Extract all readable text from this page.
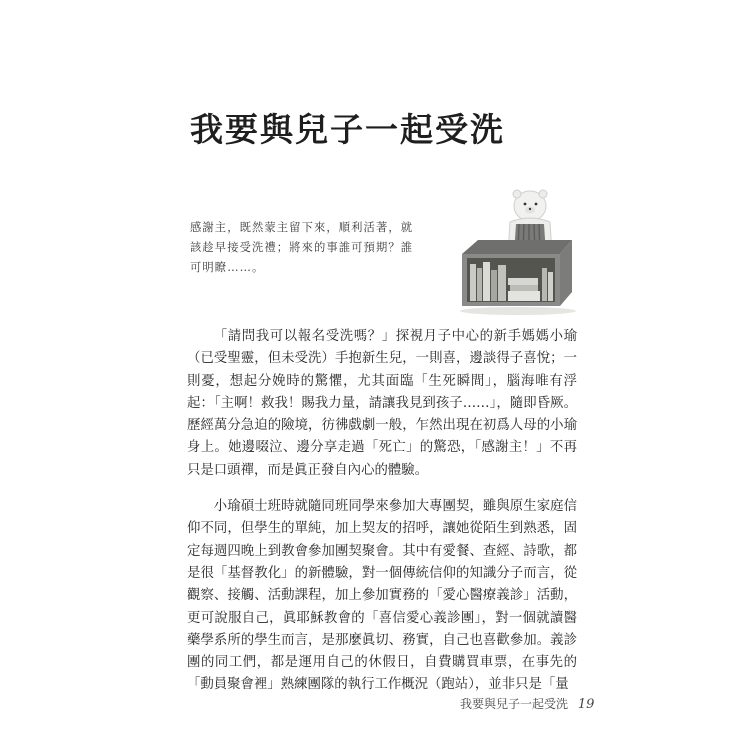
我要與兒子一起受洗
感謝主，既然蒙主留下來，順利活著，就該趁早接受洗禮；將來的事誰可預期？誰可明瞭……。

「請問我可以報名受洗嗎？」探視月子中心的新手媽媽小瑜（已受聖靈，但未受洗）手抱新生兒，一則喜，邊談得子喜悅；一則憂，想起分娩時的驚懼，尤其面臨「生死瞬間」，腦海唯有浮起：「主啊！救我！賜我力量，請讓我見到孩子……」，隨即昏厥。歷經萬分急迫的險境，彷彿戲劇一般，乍然出現在初爲人母的小瑜身上。她邊啜泣、邊分享走過「死亡」的驚恐，「感謝主！」不再只是口頭禪，而是眞正發自內心的體驗。

小瑜碩士班時就隨同班同學來參加大專團契，雖與原生家庭信仰不同，但學生的單純，加上契友的招呼，讓她從陌生到熟悉，固定每週四晚上到教會參加團契聚會。其中有愛餐、查經、詩歌，都是很「基督教化」的新體驗，對一個傳統信仰的知識分子而言，從觀察、接觸、活動課程，加上參加實務的「愛心醫療義診」活動，更可說服自己，眞耶穌教會的「喜信愛心義診團」，對一個就讀醫藥學系所的學生而言，是那麼眞切、務實，自己也喜歡參加。義診團的同工們，都是運用自己的休假日，自費購買車票，在事先的「動員聚會裡」熟練團隊的執行工作概況（跑站），並非只是「量

我要與兒子一起受洗 19
